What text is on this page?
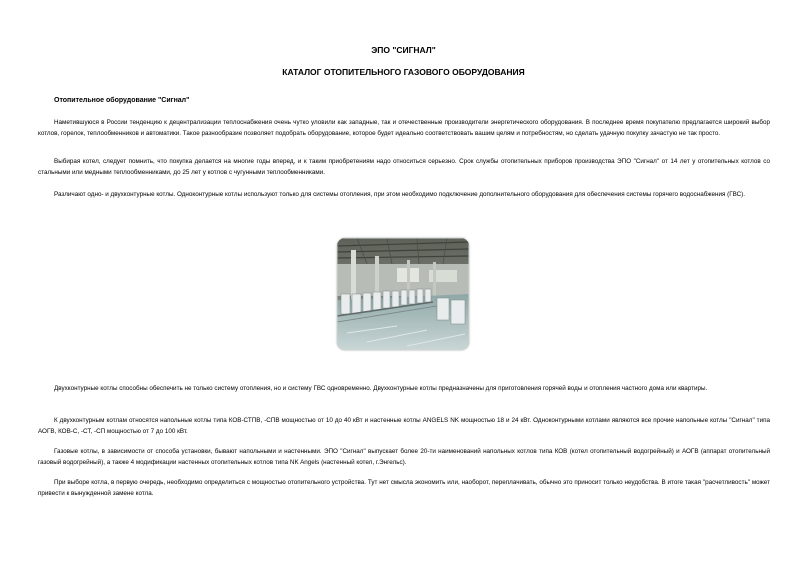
ЭПО "СИГНАЛ"
КАТАЛОГ ОТОПИТЕЛЬНОГО ГАЗОВОГО ОБОРУДОВАНИЯ
Отопительное оборудование "Сигнал"

Наметившуюся в России тенденцию к децентрализации теплоснабжения очень чутко уловили как западные, так и отечественные производители энергетического оборудования. В последнее время покупателю предлагается широкий выбор котлов, горелок, теплообменников и автоматики. Такое разнообразие позволяет подобрать оборудование, которое будет идеально соответствовать вашим целям и потребностям, но сделать удачную покупку зачастую не так просто.

Выбирая котел, следует помнить, что покупка делается на многие годы вперед, и к таким приобретениям надо относиться серьезно. Срок службы отопительных приборов производства ЭПО "Сигнал" от 14 лет у отопительных котлов со стальными или медными теплообменниками, до 25 лет у котлов с чугунными теплообменниками.

Различают одно- и двухконтурные котлы. Одноконтурные котлы используют только для системы отопления, при этом необходимо подключение дополнительного оборудования для обеспечения системы горячего водоснабжения (ГВС).

Двухконтурные котлы способны обеспечить не только систему отопления, но и систему ГВС одновременно. Двухконтурные котлы предназначены для приготовления горячей воды и отопления частного дома или квартиры.

К двухконтурным котлам относятся напольные котлы типа КОВ-СТПВ, -СПВ мощностью от 10 до 40 кВт и настенные котлы ANGELS NK мощностью 18 и 24 кВт. Одноконтурными котлами являются все прочие напольные котлы "Сигнал" типа АОГВ, КОВ-С, -СТ, -СП мощностью от 7 до 100 кВт.

Газовые котлы, в зависимости от способа установки, бывают напольными и настенными. ЭПО "Сигнал" выпускает более 20-ти наименований напольных котлов типа КОВ (котел отопительный водогрейный) и АОГВ (аппарат отопительный газовый водогрейный), а также 4 модификации настенных отопительных котлов типа NK Angels (настенный котел, г.Энгельс).

При выборе котла, в первую очередь, необходимо определиться с мощностью отопительного устройства. Тут нет смысла экономить или, наоборот, переплачивать, обычно это приносит только неудобства. В итоге такая "расчетливость" может привести к вынужденной замене котла.
